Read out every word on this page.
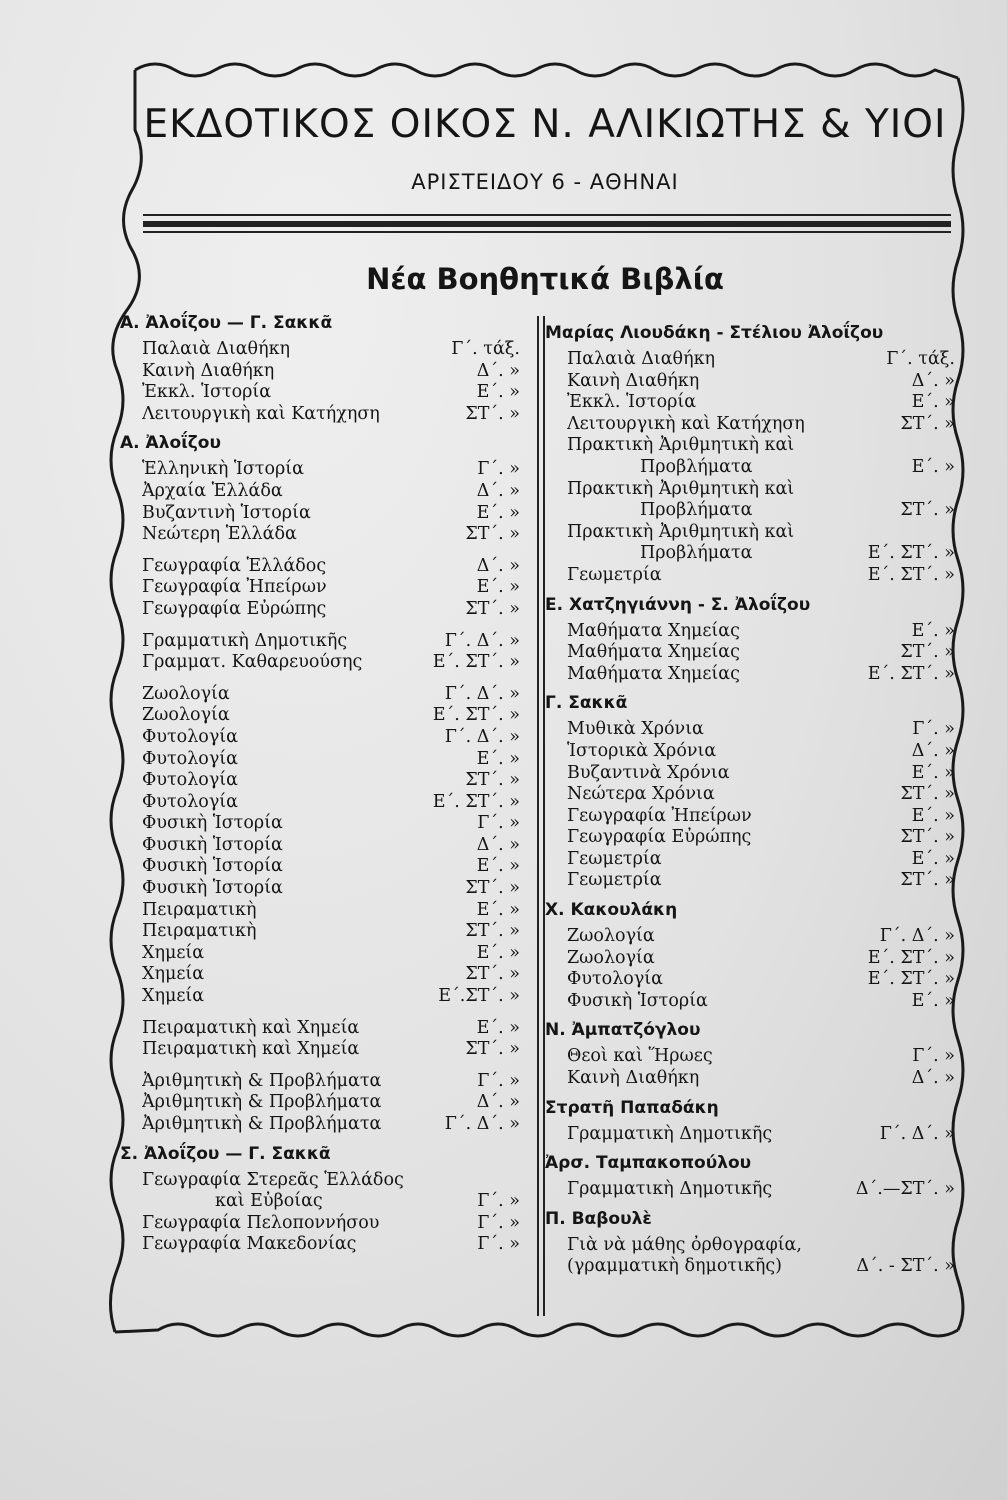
ΕΚΔΟΤΙΚΟΣ ΟΙΚΟΣ Ν. ΑΛΙΚΙΩΤΗΣ & ΥΙΟΙ
ΑΡΙΣΤΕΙΔΟΥ 6 - ΑΘΗΝΑΙ
Νέα Βοηθητικά Βιβλία
Α. Ἀλοΐζου — Γ. Σακκᾶ
Παλαιὰ Διαθήκη	Γ΄. τάξ.
Καινὴ Διαθήκη	Δ΄. »
Ἐκκλ. Ἱστορία	Ε΄. »
Λειτουργικὴ καὶ Κατήχηση	ΣΤ΄. »
Α. Ἀλοΐζου
Ἑλληνικὴ Ἱστορία	Γ΄. »
Ἀρχαία Ἑλλάδα	Δ΄. »
Βυζαντινὴ Ἱστορία	Ε΄. »
Νεώτερη Ἑλλάδα	ΣΤ΄. »
Γεωγραφία Ἑλλάδος	Δ΄. »
Γεωγραφία Ἠπείρων	Ε΄. »
Γεωγραφία Εὐρώπης	ΣΤ΄. »
Γραμματικὴ Δημοτικῆς	Γ΄. Δ΄. »
Γραμματ. Καθαρευούσης	Ε΄. ΣΤ΄. »
Ζωολογία	Γ΄. Δ΄. »
Ζωολογία	Ε΄. ΣΤ΄. »
Φυτολογία	Γ΄. Δ΄. »
Φυτολογία	Ε΄. »
Φυτολογία	ΣΤ΄. »
Φυτολογία	Ε΄. ΣΤ΄. »
Φυσικὴ Ἱστορία	Γ΄. »
Φυσικὴ Ἱστορία	Δ΄. »
Φυσικὴ Ἱστορία	Ε΄. »
Φυσικὴ Ἱστορία	ΣΤ΄. »
Πειραματικὴ	Ε΄. »
Πειραματικὴ	ΣΤ΄. »
Χημεία	Ε΄. »
Χημεία	ΣΤ΄. »
Χημεία	Ε΄.ΣΤ΄. »
Πειραματικὴ καὶ Χημεία	Ε΄. »
Πειραματικὴ καὶ Χημεία	ΣΤ΄. »
Ἀριθμητικὴ & Προβλήματα	Γ΄. »
Ἀριθμητικὴ & Προβλήματα	Δ΄. »
Ἀριθμητικὴ & Προβλήματα	Γ΄. Δ΄. »
Σ. Ἀλοΐζου — Γ. Σακκᾶ
Γεωγραφία Στερεᾶς Ἑλλάδος
καὶ Εὐβοίας	Γ΄. »
Γεωγραφία Πελοποννήσου	Γ΄. »
Γεωγραφία Μακεδονίας	Γ΄. »
Μαρίας Λιουδάκη - Στέλιου Ἀλοΐζου
Παλαιὰ Διαθήκη	Γ΄. τάξ.
Καινὴ Διαθήκη	Δ΄. »
Ἐκκλ. Ἱστορία	Ε΄. »
Λειτουργικὴ καὶ Κατήχηση	ΣΤ΄. »
Πρακτικὴ Ἀριθμητικὴ καὶ
Προβλήματα	Ε΄. »
Πρακτικὴ Ἀριθμητικὴ καὶ
Προβλήματα	ΣΤ΄. »
Πρακτικὴ Ἀριθμητικὴ καὶ
Προβλήματα	Ε΄. ΣΤ΄. »
Γεωμετρία	Ε΄. ΣΤ΄. »
Ε. Χατζηγιάννη - Σ. Ἀλοΐζου
Μαθήματα Χημείας	Ε΄. »
Μαθήματα Χημείας	ΣΤ΄. »
Μαθήματα Χημείας	Ε΄. ΣΤ΄. »
Γ. Σακκᾶ
Μυθικὰ Χρόνια	Γ΄. »
Ἱστορικὰ Χρόνια	Δ΄. »
Βυζαντινὰ Χρόνια	Ε΄. »
Νεώτερα Χρόνια	ΣΤ΄. »
Γεωγραφία Ἠπείρων	Ε΄. »
Γεωγραφία Εὐρώπης	ΣΤ΄. »
Γεωμετρία	Ε΄. »
Γεωμετρία	ΣΤ΄. »
Χ. Κακουλάκη
Ζωολογία	Γ΄. Δ΄. »
Ζωολογία	Ε΄. ΣΤ΄. »
Φυτολογία	Ε΄. ΣΤ΄. »
Φυσικὴ Ἱστορία	Ε΄. »
Ν. Ἀμπατζόγλου
Θεοὶ καὶ Ἥρωες	Γ΄. »
Καινὴ Διαθήκη	Δ΄. »
Στρατῆ Παπαδάκη
Γραμματικὴ Δημοτικῆς	Γ΄. Δ΄. »
Ἀρσ. Ταμπακοπούλου
Γραμματικὴ Δημοτικῆς	Δ΄.—ΣΤ΄. »
Π. Βαβουλὲ
Γιὰ νὰ μάθης ὀρθογραφία,
(γραμματικὴ δημοτικῆς)	Δ΄. - ΣΤ΄. »
